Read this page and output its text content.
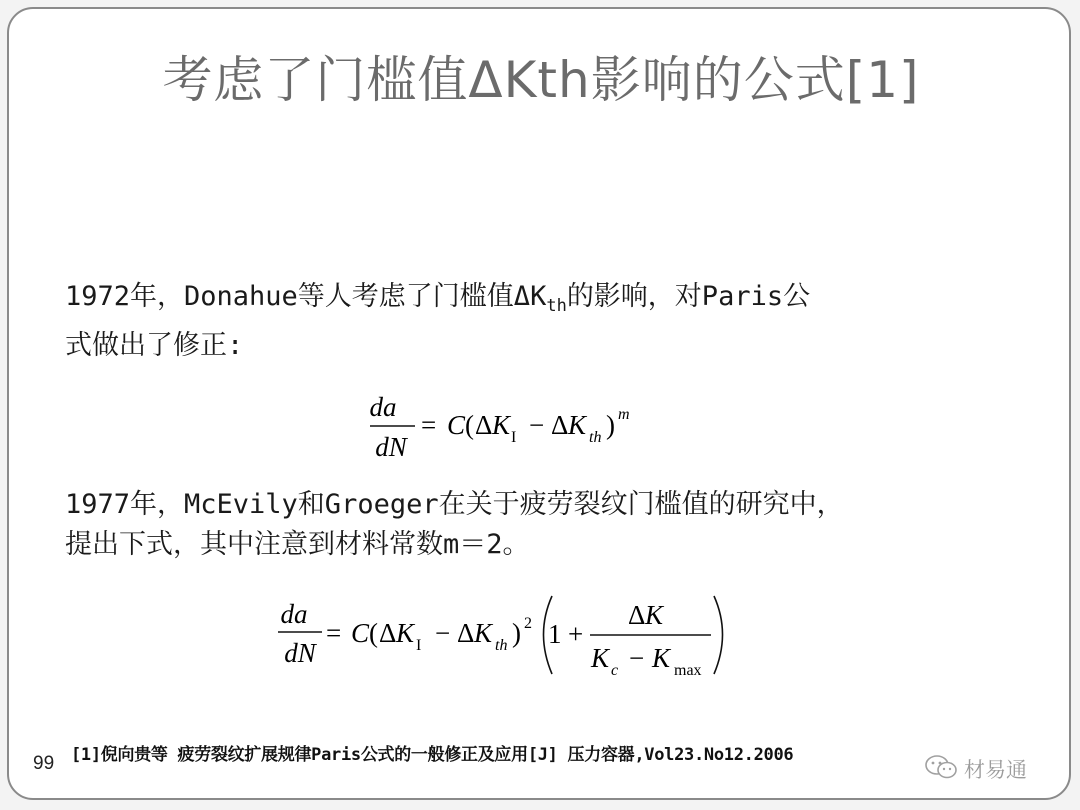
考虑了门槛值ΔKth影响的公式[1]
1972年，Donahue等人考虑了门槛值$\Delta K_{th}$的影响，对Paris公
式做出了修正:
da
dN
= C ( Δ K I − Δ K th ) m
1977年，McEvily和Groeger在关于疲劳裂纹门槛值的研究中，
提出下式，其中注意到材料常数m＝2。
da
dN
= C ( Δ K I − Δ K th ) 2 1 +
Δ K
K c − K max
[1]倪向贵等 疲劳裂纹扩展规律Paris公式的一般修正及应用[J] 压力容器,Vol23.No12.2006
99	材易通
